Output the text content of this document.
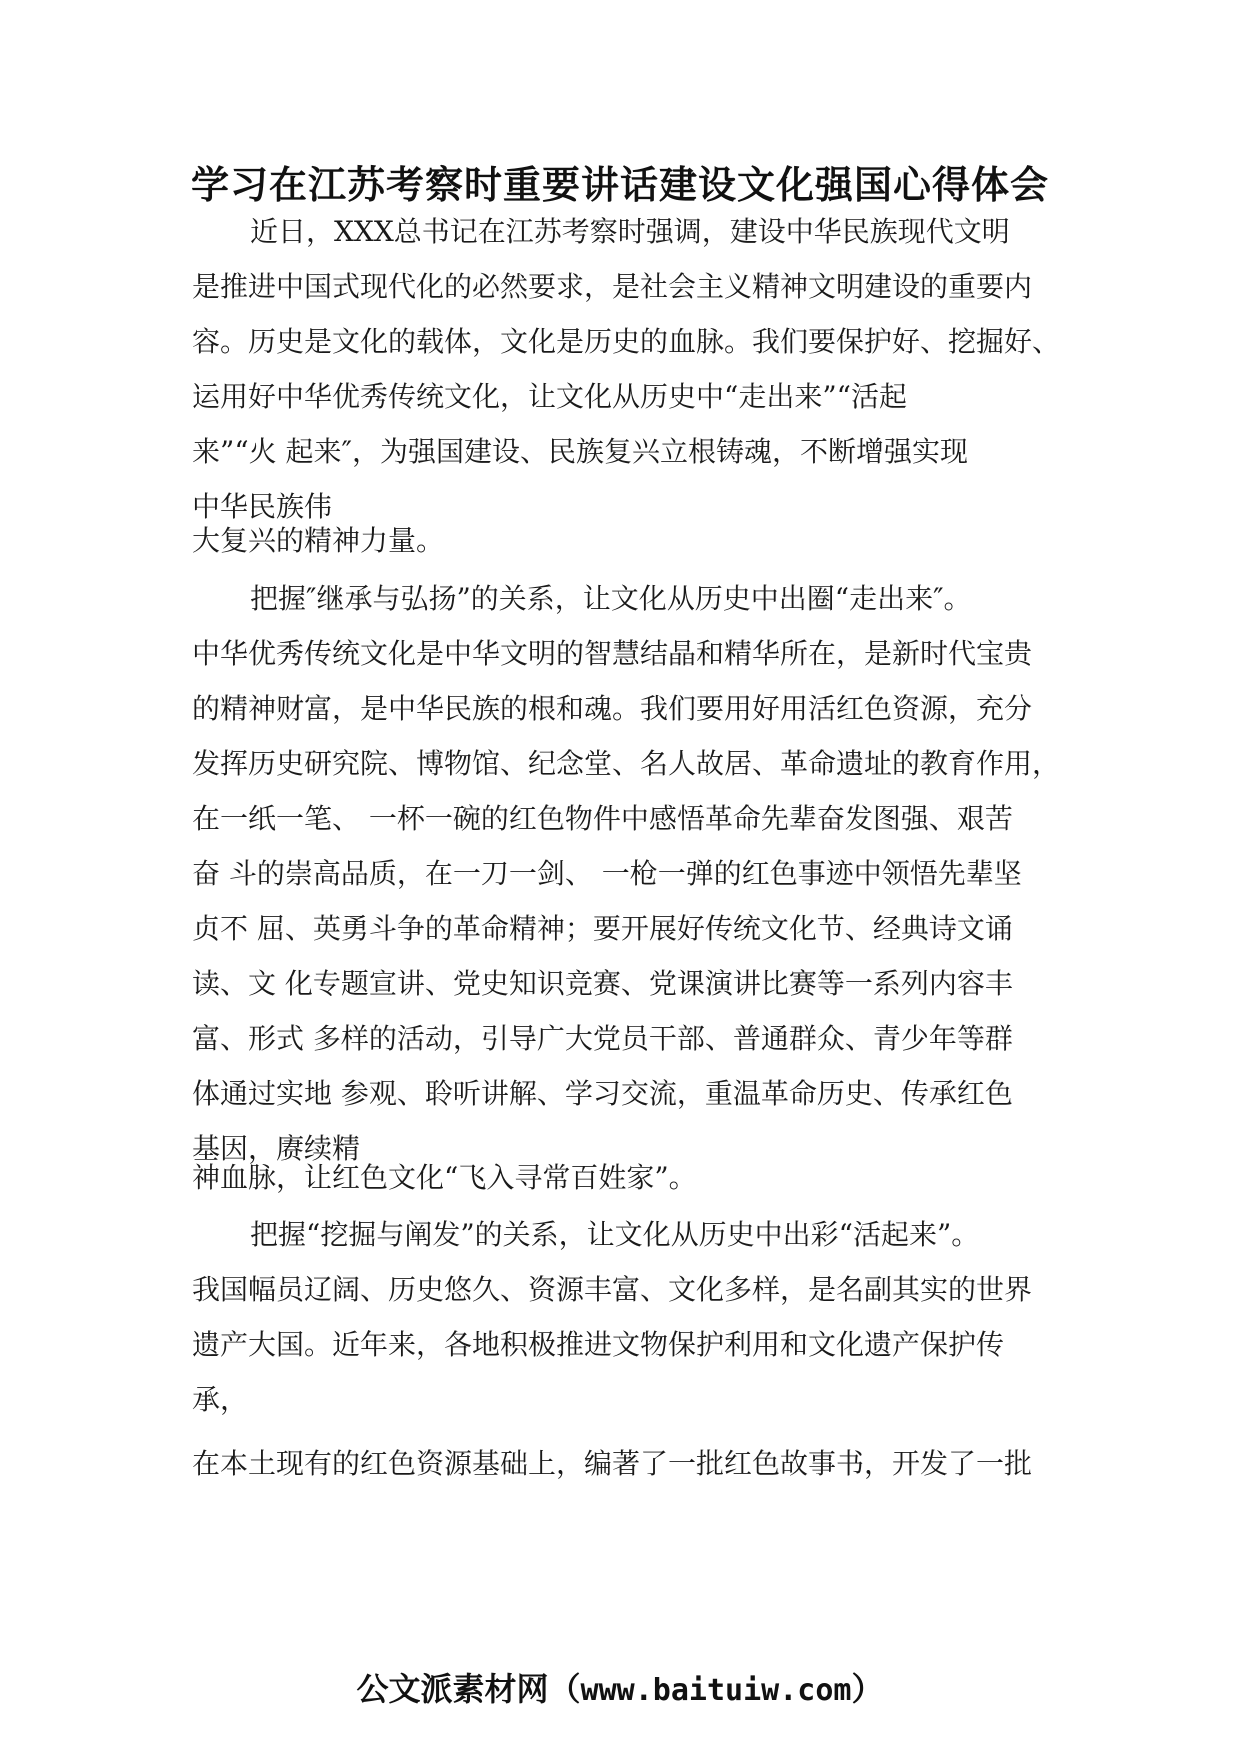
学习在江苏考察时重要讲话建设文化强国心得体会
近日，XXX总书记在江苏考察时强调，建设中华民族现代文明
是推进中国式现代化的必然要求，是社会主义精神文明建设的重要内
容。历史是文化的载体，文化是历史的血脉。我们要保护好、挖掘好、
运用好中华优秀传统文化，让文化从历史中“走出来”“活起
来”“火 起来″，为强国建设、民族复兴立根铸魂，不断增强实现
中华民族伟
大复兴的精神力量。
把握″继承与弘扬”的关系，让文化从历史中出圈“走出来″。
中华优秀传统文化是中华文明的智慧结晶和精华所在，是新时代宝贵
的精神财富，是中华民族的根和魂。我们要用好用活红色资源，充分
发挥历史研究院、博物馆、纪念堂、名人故居、革命遗址的教育作用，
在一纸一笔、 一杯一碗的红色物件中感悟革命先辈奋发图强、艰苦
奋 斗的崇高品质，在一刀一剑、 一枪一弹的红色事迹中领悟先辈坚
贞不 屈、英勇斗争的革命精神；要开展好传统文化节、经典诗文诵
读、文 化专题宣讲、党史知识竞赛、党课演讲比赛等一系列内容丰
富、形式 多样的活动，引导广大党员干部、普通群众、青少年等群
体通过实地 参观、聆听讲解、学习交流，重温革命历史、传承红色
基因，赓续精
神血脉，让红色文化“飞入寻常百姓家”。
把握“挖掘与阐发”的关系，让文化从历史中出彩“活起来”。
我国幅员辽阔、历史悠久、资源丰富、文化多样，是名副其实的世界
遗产大国。近年来，各地积极推进文物保护利用和文化遗产保护传
承，
在本土现有的红色资源基础上，编著了一批红色故事书，开发了一批
公文派素材网（www.baituiw.com）
